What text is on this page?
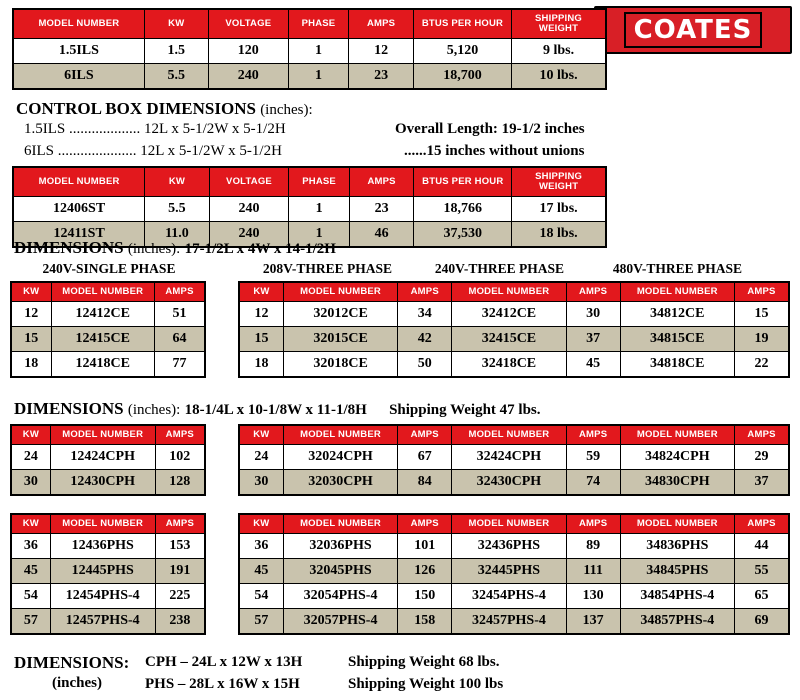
COATES
MODEL NUMBER	KW	VOLTAGE	PHASE	AMPS	BTUS PER HOUR	SHIPPING WEIGHT
1.5ILS	1.5	120	1	12	5,120	9 lbs.
6ILS	5.5	240	1	23	18,700	10 lbs.
CONTROL BOX DIMENSIONS (inches):
1.5ILS ................... 12L x 5-1/2W x 5-1/2H	Overall Length: 19-1/2 inches
6ILS ..................... 12L x 5-1/2W x 5-1/2H	......15 inches without unions
MODEL NUMBER	KW	VOLTAGE	PHASE	AMPS	BTUS PER HOUR	SHIPPING WEIGHT
12406ST	5.5	240	1	23	18,766	17 lbs.
12411ST	11.0	240	1	46	37,530	18 lbs.
DIMENSIONS (inches): 17-1/2L x 4W x 14-1/2H
240V-SINGLE PHASE	208V-THREE PHASE	240V-THREE PHASE	480V-THREE PHASE
KW	MODEL NUMBER	AMPS
12	12412CE	51
15	12415CE	64
18	12418CE	77
KW	MODEL NUMBER	AMPS	MODEL NUMBER	AMPS	MODEL NUMBER	AMPS
12	32012CE	34	32412CE	30	34812CE	15
15	32015CE	42	32415CE	37	34815CE	19
18	32018CE	50	32418CE	45	34818CE	22
DIMENSIONS (inches): 18-1/4L x 10-1/8W x 11-1/8H Shipping Weight 47 lbs.
KW	MODEL NUMBER	AMPS
24	12424CPH	102
30	12430CPH	128
KW	MODEL NUMBER	AMPS	MODEL NUMBER	AMPS	MODEL NUMBER	AMPS
24	32024CPH	67	32424CPH	59	34824CPH	29
30	32030CPH	84	32430CPH	74	34830CPH	37
KW	MODEL NUMBER	AMPS
36	12436PHS	153
45	12445PHS	191
54	12454PHS-4	225
57	12457PHS-4	238
KW	MODEL NUMBER	AMPS	MODEL NUMBER	AMPS	MODEL NUMBER	AMPS
36	32036PHS	101	32436PHS	89	34836PHS	44
45	32045PHS	126	32445PHS	111	34845PHS	55
54	32054PHS-4	150	32454PHS-4	130	34854PHS-4	65
57	32057PHS-4	158	32457PHS-4	137	34857PHS-4	69
DIMENSIONS:
(inches)
CPH – 24L x 12W x 13H
PHS – 28L x 16W x 15H
Shipping Weight 68 lbs.
Shipping Weight 100 lbs
